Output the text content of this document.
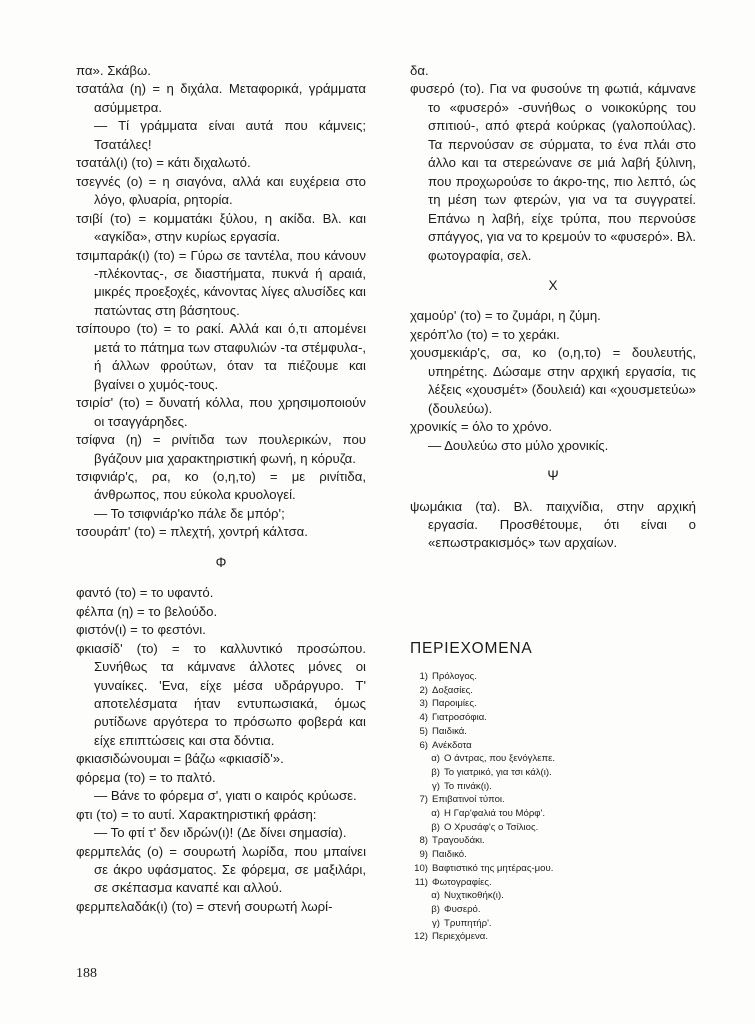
πα». Σκάβω.
τσατάλα (η) = η διχάλα. Μεταφορικά, γράμματα ασύμμετρα.
— Τί γράμματα είναι αυτά που κάμνεις; Τσατάλες!
τσατάλ(ι) (το) = κάτι διχαλωτό.
τσεγνές (ο) = η σιαγόνα, αλλά και ευχέρεια στο λόγο, φλυαρία, ρητορία.
τσιβί (το) = κομματάκι ξύλου, η ακίδα. Βλ. και «αγκίδα», στην κυρίως εργασία.
τσιμπαράκ(ι) (το) = Γύρω σε ταντέλα, που κάνουν -πλέκοντας-, σε διαστήματα, πυκνά ή αραιά, μικρές προεξοχές, κάνοντας λίγες αλυσίδες και πατώντας στη βάσητους.
τσίπουρο (το) = το ρακί. Αλλά και ό,τι απομένει μετά το πάτημα των σταφυλιών -τα στέμφυλα-, ή άλλων φρούτων, όταν τα πιέζουμε και βγαίνει ο χυμός-τους.
τσιρίσ' (το) = δυνατή κόλλα, που χρησιμοποιούν οι τσαγγάρηδες.
τσίφνα (η) = ρινίτιδα των πουλερικών, που βγάζουν μια χαρακτηριστική φωνή, η κόρυζα.
τσιφνιάρ'ς, ρα, κο (ο,η,το) = με ρινίτιδα, άνθρωπος, που εύκολα κρυολογεί.
— Το τσιφνιάρ'κο πάλε δε μπόρ';
τσουράπ' (το) = πλεχτή, χοντρή κάλτσα.
Φ
φαντό (το) = το υφαντό.
φέλπα (η) = το βελούδο.
φιστόν(ι) = το φεστόνι.
φκιασίδ' (το) = το καλλυντικό προσώπου. Συνήθως τα κάμνανε άλλοτες μόνες οι γυναίκες. 'Ενα, είχε μέσα υδράργυρο. Τ' αποτελέσματα ήταν εντυπωσιακά, όμως ρυτίδωνε αργότερα το πρόσωπο φοβερά και είχε επιπτώσεις και στα δόντια.
φκιασιδώνουμαι = βάζω «φκιασίδ'».
φόρεμα (το) = το παλτό.
— Βάνε το φόρεμα σ', γιατι ο καιρός κρύωσε.
φτι (το) = το αυτί. Χαρακτηριστική φράση:
— Το φτί τ' δεν ιδρών(ι)! (Δε δίνει σημασία).
φερμπελάς (ο) = σουρωτή λωρίδα, που μπαίνει σε άκρο υφάσματος. Σε φόρεμα, σε μαξιλάρι, σε σκέπασμα καναπέ και αλλού.
φερμπελαδάκ(ι) (το) = στενή σουρωτή λωρί-
δα.
φυσερό (το). Για να φυσούνε τη φωτιά, κάμνανε το «φυσερό» -συνήθως ο νοικοκύρης του σπιτιού-, από φτερά κούρκας (γαλοπούλας). Τα περνούσαν σε σύρματα, το ένα πλάι στο άλλο και τα στερεώνανε σε μιά λαβή ξύλινη, που προχωρούσε το άκρο-της, πιο λεπτό, ώς τη μέση των φτερών, για να τα συγγρατεί. Επάνω η λαβή, είχε τρύπα, που περνούσε σπάγγος, για να το κρεμούν το «φυσερό». Βλ. φωτογραφία, σελ.
Χ
χαμούρ' (το) = το ζυμάρι, η ζύμη.
χερόπ'λο (το) = το χεράκι.
χουσμεκιάρ'ς, σα, κο (ο,η,το) = δουλευτής, υπηρέτης. Δώσαμε στην αρχική εργασία, τις λέξεις «χουσμέτ» (δουλειά) και «χουσμετεύω» (δουλεύω).
χρονικίς = όλο το χρόνο.
— Δουλεύω στο μύλο χρονικίς.
Ψ
ψωμάκια (τα). Βλ. παιχνίδια, στην αρχική εργασία. Προσθέτουμε, ότι είναι ο «επωστρακισμός» των αρχαίων.
ΠΕΡΙΕΧΟΜΕΝΑ
1) Πρόλογος.
2) Δοξασίες.
3) Παροιμίες.
4) Γιατροσόφια.
5) Παιδικά.
6) Ανέκδοτα
α) Ο άντρας, που ξενόγλεπε.
β) Το γιατρικό, για τσι κάλ(ι).
γ) Το πινάκ(ι).
7) Επιβατινοί τύποι.
α) Η Γαρ'φαλιά του Μόρφ'.
β) Ο Χρυσάφ'ς ο Τσίλιος.
8) Τραγουδάκι.
9) Παιδικό.
10) Βαφτιστικό της μητέρας-μου.
11) Φωτογραφίες.
α) Νυχτικοθήκ(ι).
β) Φυσερό.
γ) Τρυπητήρ'.
12) Περιεχόμενα.
188
